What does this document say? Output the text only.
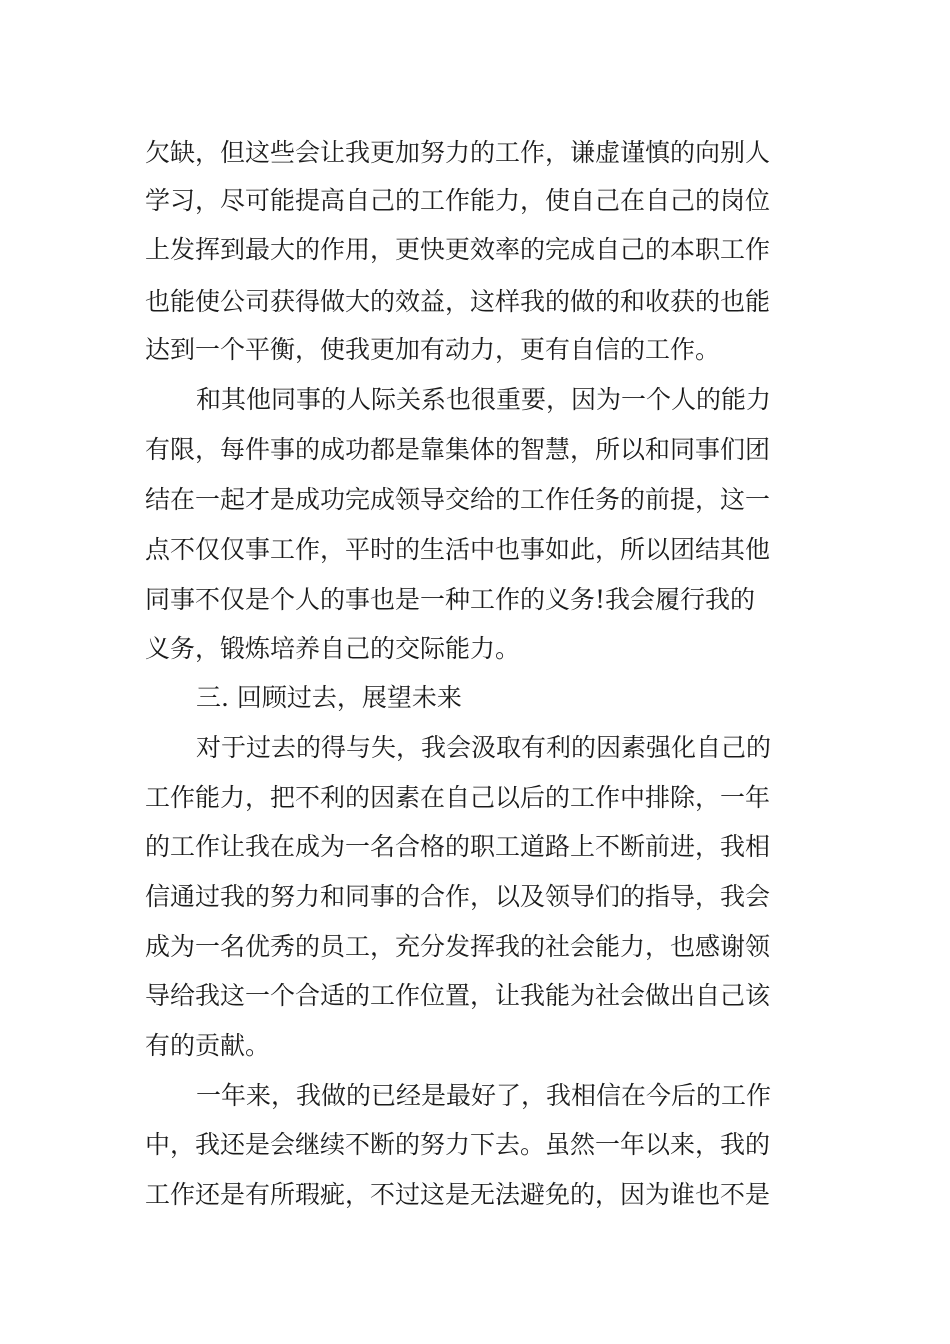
欠缺，但这些会让我更加努力的工作，谦虚谨慎的向别人
学习，尽可能提高自己的工作能力，使自己在自己的岗位
上发挥到最大的作用，更快更效率的完成自己的本职工作
也能使公司获得做大的效益，这样我的做的和收获的也能
达到一个平衡，使我更加有动力，更有自信的工作。
和其他同事的人际关系也很重要，因为一个人的能力
有限，每件事的成功都是靠集体的智慧，所以和同事们团
结在一起才是成功完成领导交给的工作任务的前提，这一
点不仅仅事工作，平时的生活中也事如此，所以团结其他
同事不仅是个人的事也是一种工作的义务!我会履行我的
义务，锻炼培养自己的交际能力。
三. 回顾过去，展望未来
对于过去的得与失，我会汲取有利的因素强化自己的
工作能力，把不利的因素在自己以后的工作中排除，一年
的工作让我在成为一名合格的职工道路上不断前进，我相
信通过我的努力和同事的合作，以及领导们的指导，我会
成为一名优秀的员工，充分发挥我的社会能力，也感谢领
导给我这一个合适的工作位置，让我能为社会做出自己该
有的贡献。
一年来，我做的已经是最好了，我相信在今后的工作
中，我还是会继续不断的努力下去。虽然一年以来，我的
工作还是有所瑕疵，不过这是无法避免的，因为谁也不是
